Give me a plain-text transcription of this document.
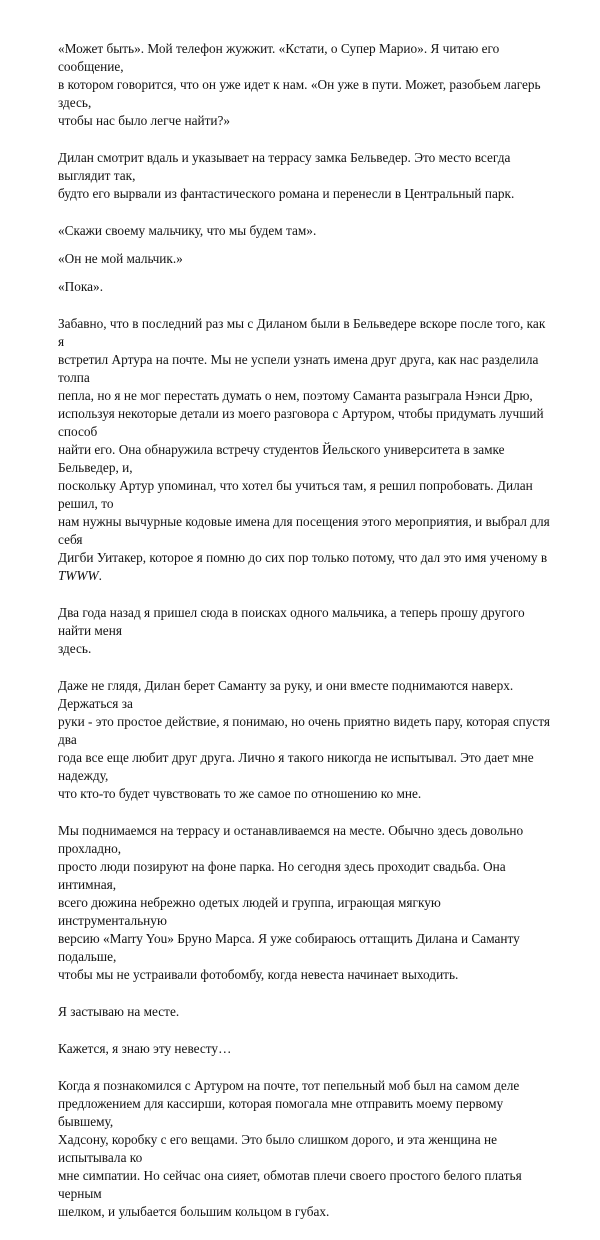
«Может быть». Мой телефон жужжит. «Кстати, о Супер Марио». Я читаю его сообщение,
в котором говорится, что он уже идет к нам. «Он уже в пути. Может, разобьем лагерь здесь,
чтобы нас было легче найти?»

Дилан смотрит вдаль и указывает на террасу замка Бельведер. Это место всегда выглядит так,
будто его вырвали из фантастического романа и перенесли в Центральный парк.

«Скажи своему мальчику, что мы будем там».

«Он не мой мальчик.»

«Пока».

Забавно, что в последний раз мы с Диланом были в Бельведере вскоре после того, как я
встретил Артура на почте. Мы не успели узнать имена друг друга, как нас разделила толпа
пепла, но я не мог перестать думать о нем, поэтому Саманта разыграла Нэнси Дрю,
используя некоторые детали из моего разговора с Артуром, чтобы придумать лучший способ
найти его. Она обнаружила встречу студентов Йельского университета в замке Бельведер, и,
поскольку Артур упоминал, что хотел бы учиться там, я решил попробовать. Дилан решил, то
нам нужны вычурные кодовые имена для посещения этого мероприятия, и выбрал для себя
Дигби Уитакер, которое я помню до сих пор только потому, что дал это имя ученому в
TWWW.

Два года назад я пришел сюда в поисках одного мальчика, а теперь прошу другого найти меня
здесь.

Даже не глядя, Дилан берет Саманту за руку, и они вместе поднимаются наверх. Держаться за
руки - это простое действие, я понимаю, но очень приятно видеть пару, которая спустя два
года все еще любит друг друга. Лично я такого никогда не испытывал. Это дает мне надежду,
что кто-то будет чувствовать то же самое по отношению ко мне.

Мы поднимаемся на террасу и останавливаемся на месте. Обычно здесь довольно прохладно,
просто люди позируют на фоне парка. Но сегодня здесь проходит свадьба. Она интимная,
всего дюжина небрежно одетых людей и группа, играющая мягкую инструментальную
версию «Marry You» Бруно Марса. Я уже собираюсь оттащить Дилана и Саманту подальше,
чтобы мы не устраивали фотобомбу, когда невеста начинает выходить.

Я застываю на месте.

Кажется, я знаю эту невесту…

Когда я познакомился с Артуром на почте, тот пепельный моб был на самом деле
предложением для кассирши, которая помогала мне отправить моему первому бывшему,
Хадсону, коробку с его вещами. Это было слишком дорого, и эта женщина не испытывала ко
мне симпатии. Но сейчас она сияет, обмотав плечи своего простого белого платья черным
шелком, и улыбается большим кольцом в губах.
